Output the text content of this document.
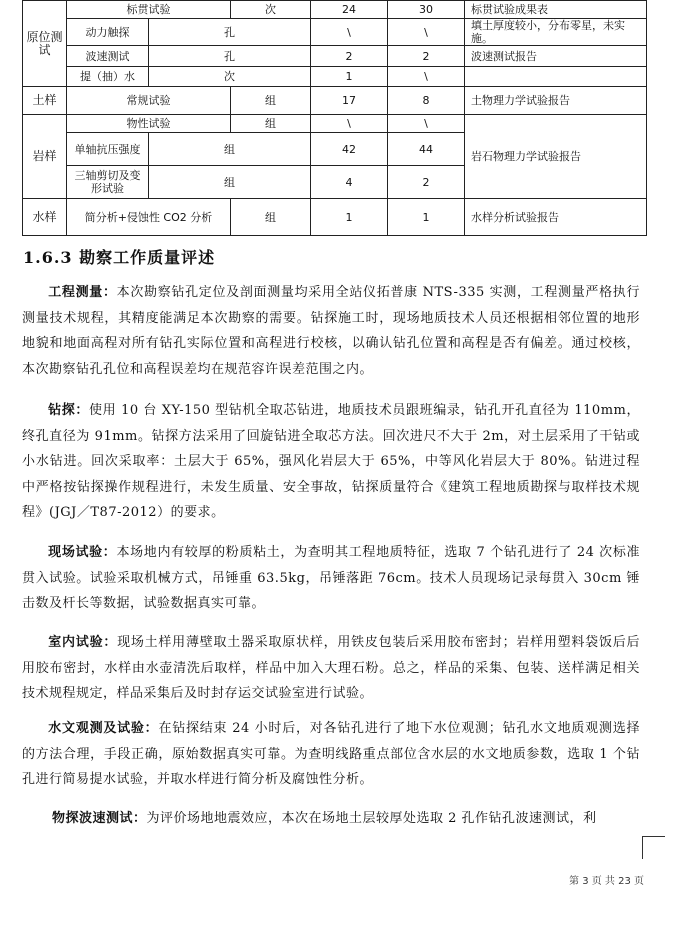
原位测试	标贯试验		次	24	30	标贯试验成果表
	动力触探	孔		\	\	填土厚度较小，分布零星，未实施。
	波速测试	孔		2	2	波速测试报告
	提（抽）水	次		1	\	
土样	常规试验		组	17	8	土物理力学试验报告
岩样	物性试验		组	\	\	岩石物理力学试验报告
	单轴抗压强度	组		42	44	
	三轴剪切及变形试验	组		4	2	
水样	简分析+侵蚀性 CO2 分析		组	1	1	水样分析试验报告
1.6.3 勘察工作质量评述

工程测量：本次勘察钻孔定位及剖面测量均采用全站仪拓普康 NTS-335 实测，工程测量严格执行测量技术规程，其精度能满足本次勘察的需要。钻探施工时，现场地质技术人员还根据相邻位置的地形地貌和地面高程对所有钻孔实际位置和高程进行校核，以确认钻孔位置和高程是否有偏差。通过校核，本次勘察钻孔孔位和高程误差均在规范容许误差范围之内。

钻探：使用 10 台 XY-150 型钻机全取芯钻进，地质技术员跟班编录，钻孔开孔直径为 110mm，终孔直径为 91mm。钻探方法采用了回旋钻进全取芯方法。回次进尺不大于 2m，对土层采用了干钻或小水钻进。回次采取率：土层大于 65%，强风化岩层大于 65%，中等风化岩层大于 80%。钻进过程中严格按钻探操作规程进行，未发生质量、安全事故，钻探质量符合《建筑工程地质勘探与取样技术规程》(JGJ／T87-2012）的要求。

现场试验：本场地内有较厚的粉质粘土，为查明其工程地质特征，选取 7 个钻孔进行了 24 次标准贯入试验。试验采取机械方式，吊锤重 63.5kg，吊锤落距 76cm。技术人员现场记录每贯入 30cm 锤击数及杆长等数据，试验数据真实可靠。

室内试验：现场土样用薄壁取土器采取原状样，用铁皮包装后采用胶布密封；岩样用塑料袋饭后后用胶布密封，水样由水壶清洗后取样，样品中加入大理石粉。总之，样品的采集、包装、送样满足相关技术规程规定，样品采集后及时封存运交试验室进行试验。

水文观测及试验：在钻探结束 24 小时后，对各钻孔进行了地下水位观测；钻孔水文地质观测选择的方法合理，手段正确，原始数据真实可靠。为查明线路重点部位含水层的水文地质参数，选取 1 个钻孔进行简易提水试验，并取水样进行简分析及腐蚀性分析。

物探波速测试：为评价场地地震效应，本次在场地土层较厚处选取 2 孔作钻孔波速测试，利

第 3 页 共 23 页
